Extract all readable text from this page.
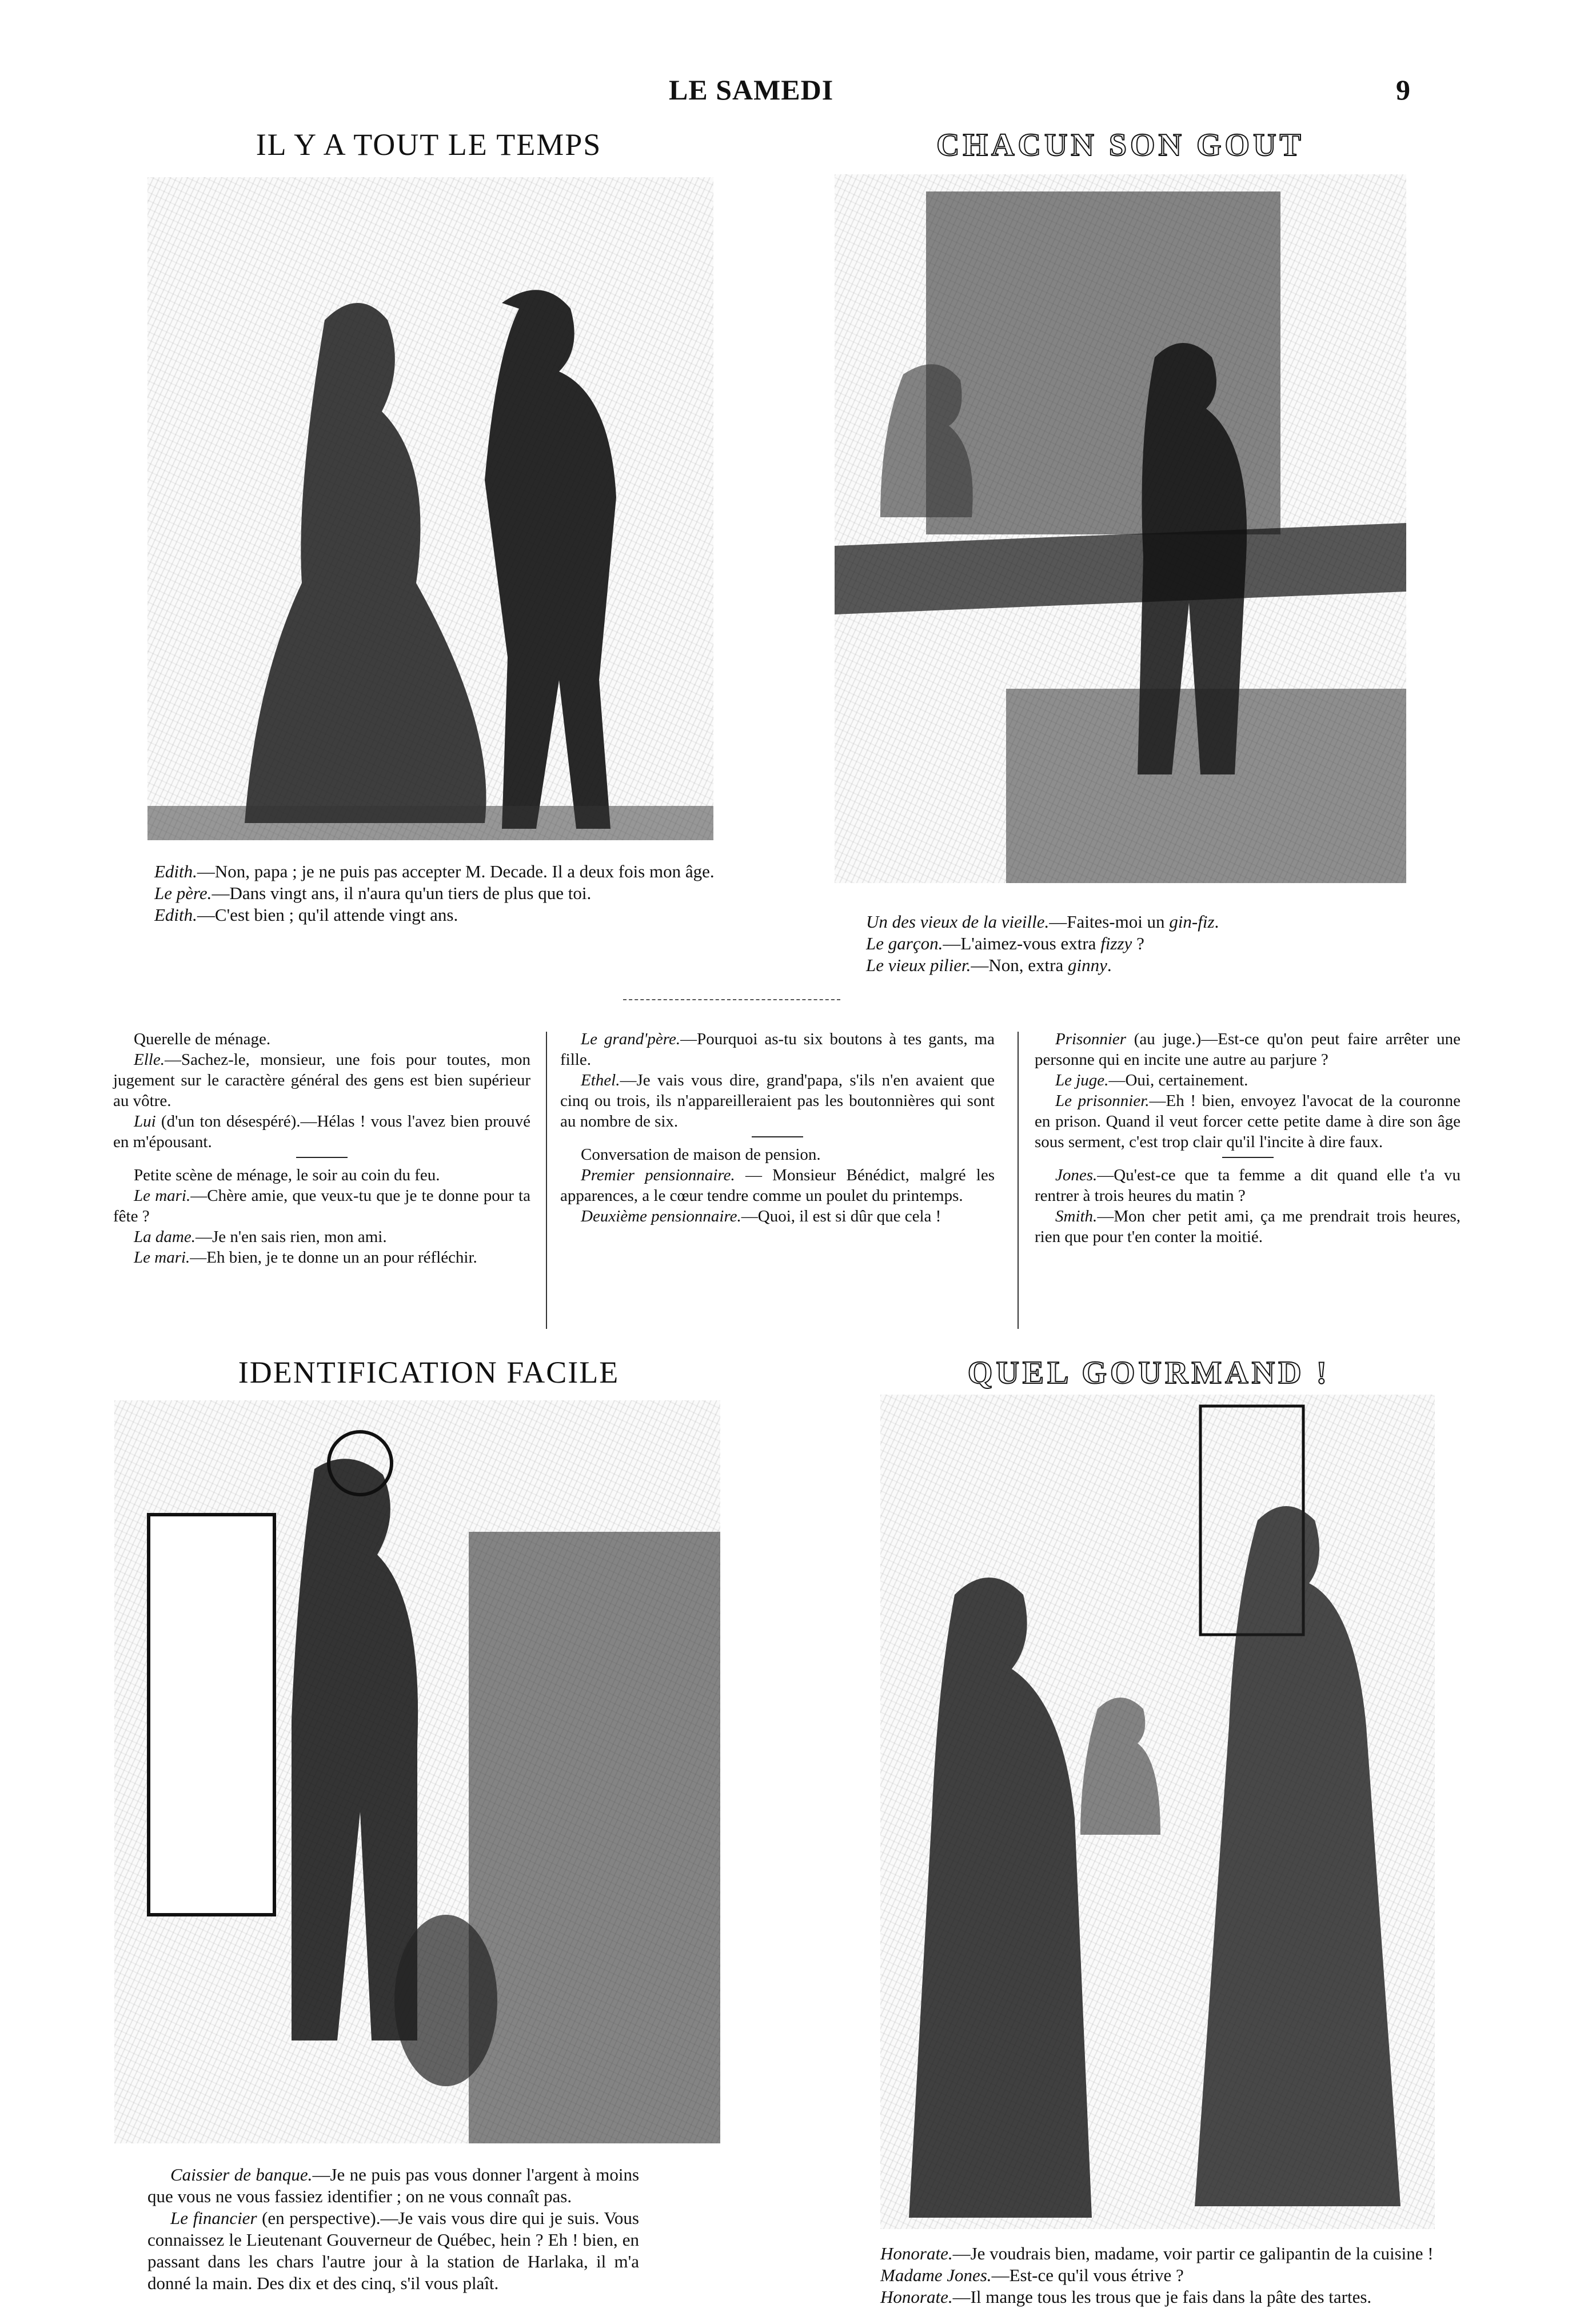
LE SAMEDI	9
IL Y A TOUT LE TEMPS

Edith.—Non, papa ; je ne puis pas accepter M. Decade. Il a deux fois mon âge.

Le père.—Dans vingt ans, il n'aura qu'un tiers de plus que toi.

Edith.—C'est bien ; qu'il attende vingt ans.

CHACUN SON GOUT

Un des vieux de la vieille.—Faites-moi un gin-fiz.

Le garçon.—L'aimez-vous extra fizzy ?

Le vieux pilier.—Non, extra ginny.

Querelle de ménage.

Elle.—Sachez-le, monsieur, une fois pour toutes, mon jugement sur le caractère général des gens est bien supérieur au vôtre.

Lui (d'un ton désespéré).—Hélas ! vous l'avez bien prouvé en m'épousant.

Petite scène de ménage, le soir au coin du feu.

Le mari.—Chère amie, que veux-tu que je te donne pour ta fête ?

La dame.—Je n'en sais rien, mon ami.

Le mari.—Eh bien, je te donne un an pour réfléchir.

Le grand'père.—Pourquoi as-tu six boutons à tes gants, ma fille.

Ethel.—Je vais vous dire, grand'papa, s'ils n'en avaient que cinq ou trois, ils n'appareilleraient pas les boutonnières qui sont au nombre de six.

Conversation de maison de pension.

Premier pensionnaire. — Monsieur Bénédict, malgré les apparences, a le cœur tendre comme un poulet du printemps.

Deuxième pensionnaire.—Quoi, il est si dûr que cela !

Prisonnier (au juge.)—Est-ce qu'on peut faire arrêter une personne qui en incite une autre au parjure ?

Le juge.—Oui, certainement.

Le prisonnier.—Eh ! bien, envoyez l'avocat de la couronne en prison. Quand il veut forcer cette petite dame à dire son âge sous serment, c'est trop clair qu'il l'incite à dire faux.

Jones.—Qu'est-ce que ta femme a dit quand elle t'a vu rentrer à trois heures du matin ?

Smith.—Mon cher petit ami, ça me prendrait trois heures, rien que pour t'en conter la moitié.

IDENTIFICATION FACILE

Caissier de banque.—Je ne puis pas vous donner l'argent à moins que vous ne vous fassiez identifier ; on ne vous connaît pas.

Le financier (en perspective).—Je vais vous dire qui je suis. Vous connaissez le Lieutenant Gouverneur de Québec, hein ? Eh ! bien, en passant dans les chars l'autre jour à la station de Harlaka, il m'a donné la main. Des dix et des cinq, s'il vous plaît.

QUEL GOURMAND !

Honorate.—Je voudrais bien, madame, voir partir ce galipantin de la cuisine !

Madame Jones.—Est-ce qu'il vous étrive ?

Honorate.—Il mange tous les trous que je fais dans la pâte des tartes.
